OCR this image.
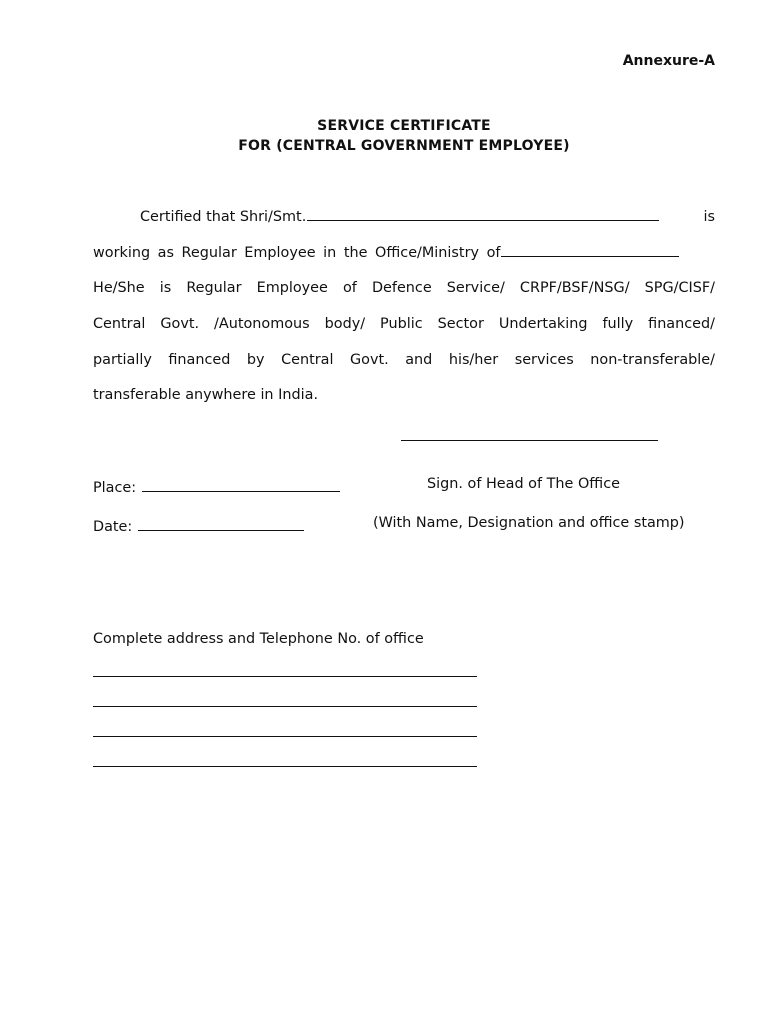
Annexure-A
SERVICE CERTIFICATE
FOR (CENTRAL GOVERNMENT EMPLOYEE)
Certified that Shri/Smt.	is
working as Regular Employee in the Office/Ministry of
He/She is Regular Employee of Defence Service/ CRPF/BSF/NSG/ SPG/CISF/
Central Govt. /Autonomous body/ Public Sector Undertaking fully financed/
partially financed by Central Govt. and his/her services non-transferable/
transferable anywhere in India.
Place:	Sign. of Head of The Office
Date:	(With Name, Designation and office stamp)
Complete address and Telephone No. of office
